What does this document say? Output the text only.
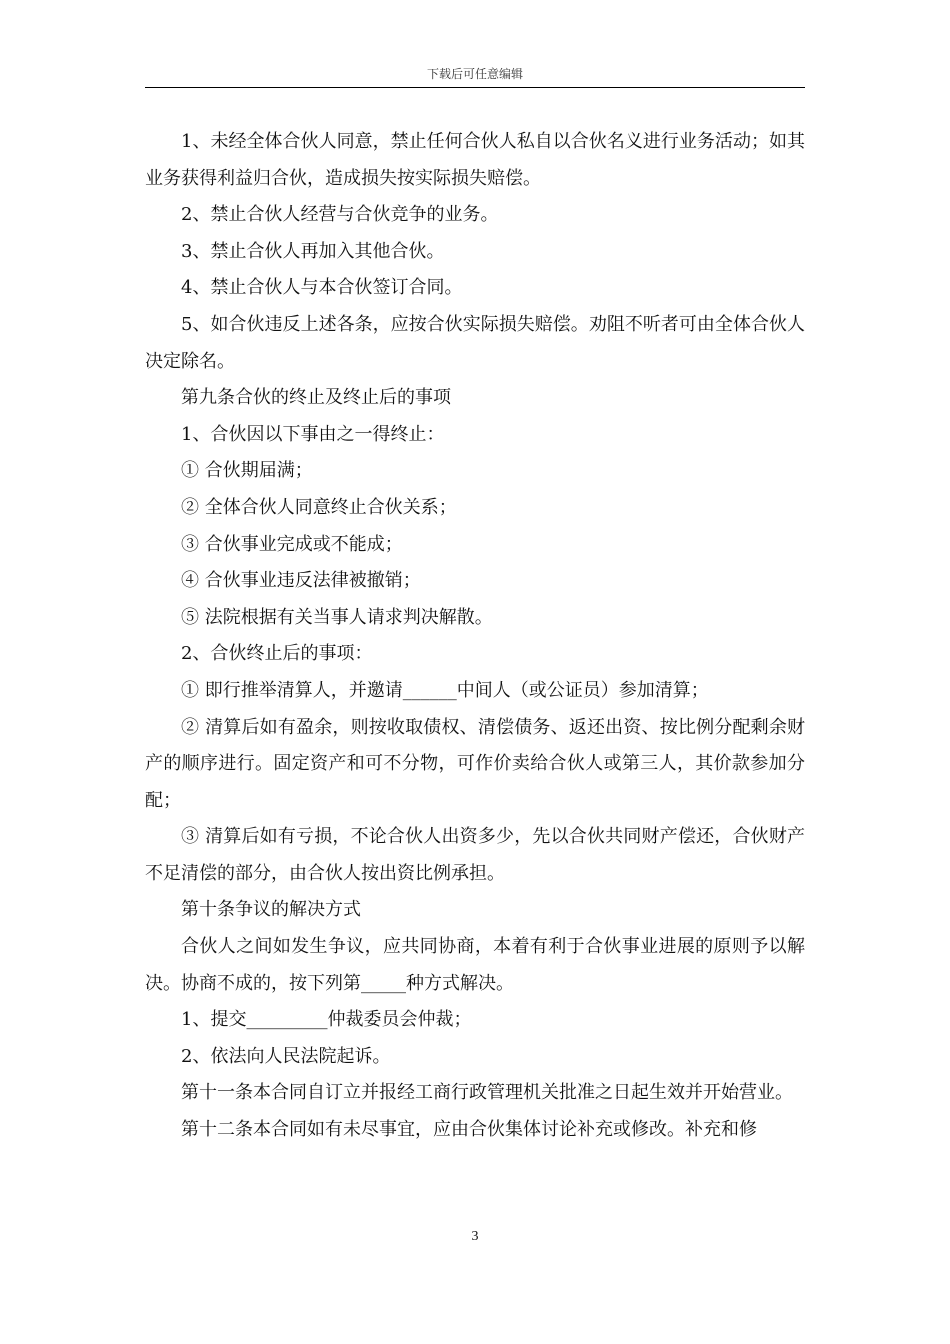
下载后可任意编辑

1、未经全体合伙人同意，禁止任何合伙人私自以合伙名义进行业务活动；如其业务获得利益归合伙，造成损失按实际损失赔偿。

2、禁止合伙人经营与合伙竞争的业务。

3、禁止合伙人再加入其他合伙。

4、禁止合伙人与本合伙签订合同。

5、如合伙违反上述各条，应按合伙实际损失赔偿。劝阻不听者可由全体合伙人决定除名。

第九条合伙的终止及终止后的事项

1、合伙因以下事由之一得终止：

① 合伙期届满；

② 全体合伙人同意终止合伙关系；

③ 合伙事业完成或不能成；

④ 合伙事业违反法律被撤销；

⑤ 法院根据有关当事人请求判决解散。

2、合伙终止后的事项：

① 即行推举清算人，并邀请______中间人（或公证员）参加清算；

② 清算后如有盈余，则按收取债权、清偿债务、返还出资、按比例分配剩余财产的顺序进行。固定资产和可不分物，可作价卖给合伙人或第三人，其价款参加分配；

③ 清算后如有亏损，不论合伙人出资多少，先以合伙共同财产偿还，合伙财产不足清偿的部分，由合伙人按出资比例承担。

第十条争议的解决方式

合伙人之间如发生争议，应共同协商，本着有利于合伙事业进展的原则予以解决。协商不成的，按下列第_____种方式解决。

1、提交_________仲裁委员会仲裁；

2、依法向人民法院起诉。

第十一条本合同自订立并报经工商行政管理机关批准之日起生效并开始营业。

第十二条本合同如有未尽事宜，应由合伙集体讨论补充或修改。补充和修

3
